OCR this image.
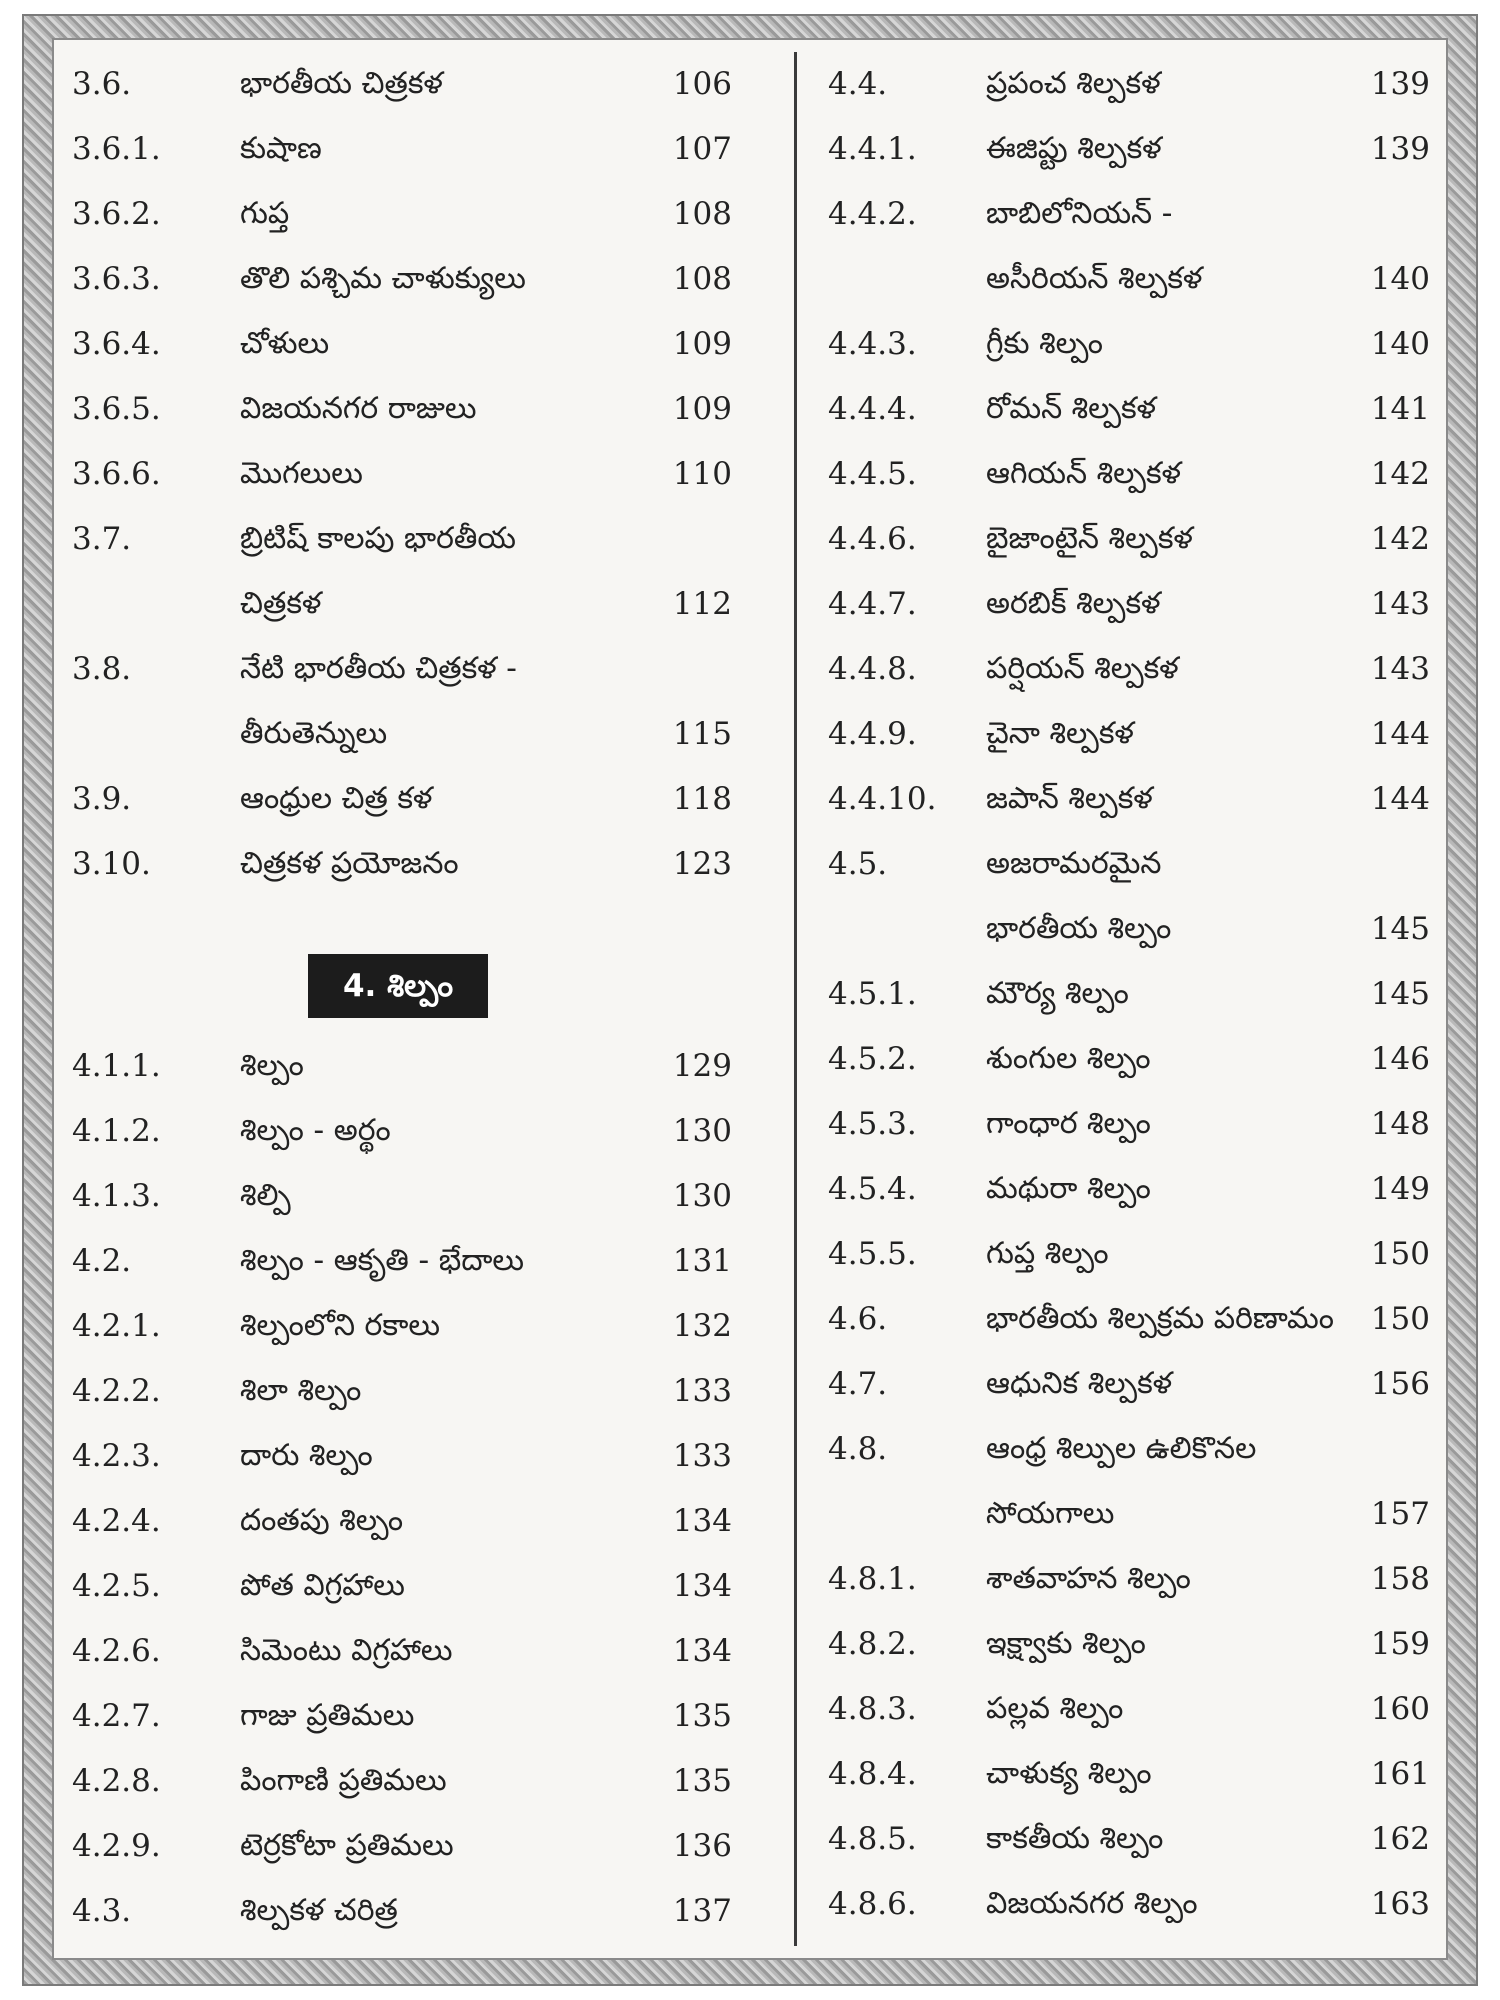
3.6.	భారతీయ చిత్రకళ	106
3.6.1.	కుషాణ	107
3.6.2.	గుప్త	108
3.6.3.	తొలి పశ్చిమ చాళుక్యులు	108
3.6.4.	చోళులు	109
3.6.5.	విజయనగర రాజులు	109
3.6.6.	మొగలులు	110
3.7.	బ్రిటిష్ కాలపు భారతీయ
చిత్రకళ	112
3.8.	నేటి భారతీయ చిత్రకళ -
తీరుతెన్నులు	115
3.9.	ఆంధ్రుల చిత్ర కళ	118
3.10.	చిత్రకళ ప్రయోజనం	123
4.1.1.	శిల్పం	129
4.1.2.	శిల్పం - అర్థం	130
4.1.3.	శిల్పి	130
4.2.	శిల్పం - ఆకృతి - భేదాలు	131
4.2.1.	శిల్పంలోని రకాలు	132
4.2.2.	శిలా శిల్పం	133
4.2.3.	దారు శిల్పం	133
4.2.4.	దంతపు శిల్పం	134
4.2.5.	పోత విగ్రహాలు	134
4.2.6.	సిమెంటు విగ్రహాలు	134
4.2.7.	గాజు ప్రతిమలు	135
4.2.8.	పింగాణి ప్రతిమలు	135
4.2.9.	టెర్రకోటా ప్రతిమలు	136
4.3.	శిల్పకళ చరిత్ర	137
4.4.	ప్రపంచ శిల్పకళ	139
4.4.1. ఈజిప్టు శిల్పకళ	139
4.4.2. బాబిలోనియన్ -
అసీరియన్ శిల్పకళ	140
4.4.3. గ్రీకు శిల్పం	140
4.4.4. రోమన్ శిల్పకళ	141
4.4.5. ఆగియన్ శిల్పకళ	142
4.4.6. బైజాంటైన్ శిల్పకళ	142
4.4.7. అరబిక్ శిల్పకళ	143
4.4.8. పర్షియన్ శిల్పకళ	143
4.4.9. చైనా శిల్పకళ	144
4.4.10. జపాన్ శిల్పకళ	144
4.5.	అజరామరమైన
భారతీయ శిల్పం	145
4.5.1. మౌర్య శిల్పం	145
4.5.2. శుంగుల శిల్పం	146
4.5.3. గాంధార శిల్పం	148
4.5.4. మథురా శిల్పం	149
4.5.5. గుప్త శిల్పం	150
4.6.	భారతీయ శిల్పక్రమ పరిణామం 150
4.7.	ఆధునిక శిల్పకళ	156
4.8.	ఆంధ్ర శిల్పుల ఉలికొనల
సోయగాలు	157
4.8.1. శాతవాహన శిల్పం	158
4.8.2. ఇక్ష్వాకు శిల్పం	159
4.8.3. పల్లవ శిల్పం	160
4.8.4. చాళుక్య శిల్పం	161
4.8.5. కాకతీయ శిల్పం	162
4.8.6. విజయనగర శిల్పం	163
4. శిల్పం
